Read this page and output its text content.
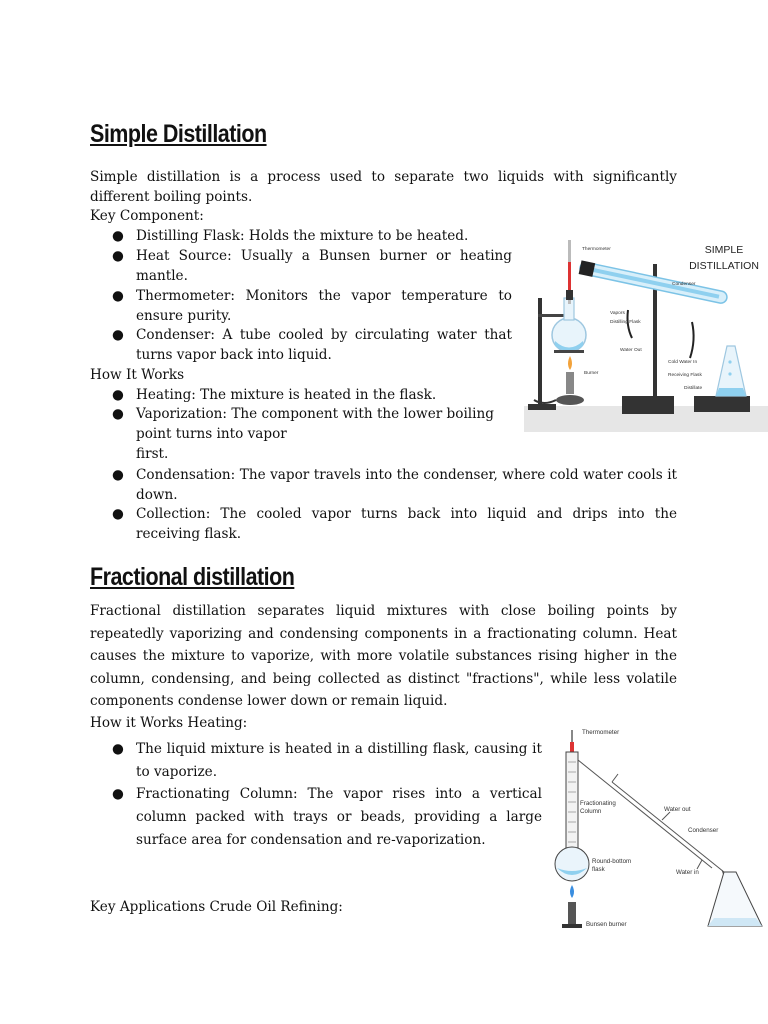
Simple Distillation
Simple distillation is a process used to separate two liquids with significantly different boiling points.
Key Component:
● Distilling Flask: Holds the mixture to be heated.
● Heat Source: Usually a Bunsen burner or heating mantle.
● Thermometer: Monitors the vapor temperature to ensure purity.
● Condenser: A tube cooled by circulating water that turns vapor back into liquid.
How It Works
● Heating: The mixture is heated in the flask.
● Vaporization: The component with the lower boiling point turns into vapor
first.
● Condensation: The vapor travels into the condenser, where cold water cools it down.
● Collection: The cooled vapor turns back into liquid and drips into the receiving flask.
SIMPLE
DISTILLATION
Thermometer
Condenser
Vapors
Distilling Flask
Water Out
Cold Water In
Receiving Flask
Burner
Distillate
Fractional distillation
Fractional distillation separates liquid mixtures with close boiling points by repeatedly vaporizing and condensing components in a fractionating column. Heat causes the mixture to vaporize, with more volatile substances rising higher in the column, condensing, and being collected as distinct "fractions", while less volatile components condense lower down or remain liquid.
How it Works Heating:
● The liquid mixture is heated in a distilling flask, causing it to vaporize.
● Fractionating Column: The vapor rises into a vertical column packed with trays or beads, providing a large surface area for condensation and re-vaporization.
Key Applications Crude Oil Refining:
Thermometer
Fractionating
Column	Water out
Condenser
Round-bottom
flask	Water in
Bunsen burner
